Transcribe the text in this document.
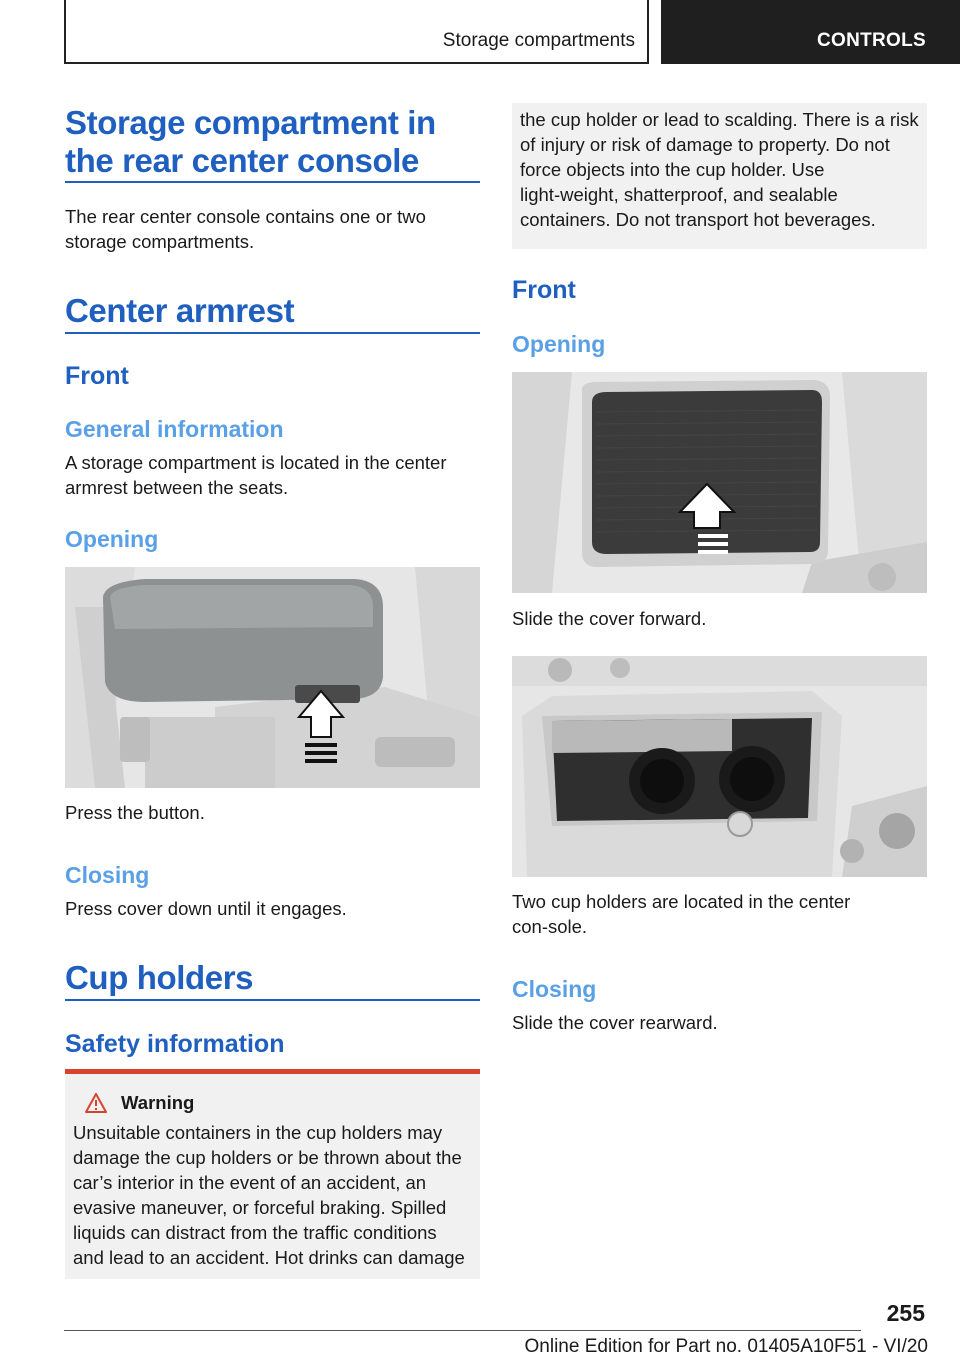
Storage compartments	CONTROLS
Storage compartment in the rear center console

The rear center console contains one or two storage compartments.

Center armrest
Front
General information

A storage compartment is located in the center armrest between the seats.

Opening

Press the button.

Closing

Press cover down until it engages.

Cup holders
Safety information
Warning
Unsuitable containers in the cup holders may damage the cup holders or be thrown about the car’s interior in the event of an accident, an evasive maneuver, or forceful braking. Spilled liquids can distract from the traffic conditions and lead to an accident. Hot drinks can damage
the cup holder or lead to scalding. There is a risk of injury or risk of damage to property. Do not force objects into the cup holder. Use light‑weight, shatterproof, and sealable containers. Do not transport hot beverages.
Front
Opening

Slide the cover forward.

Two cup holders are located in the center con‑sole.

Closing

Slide the cover rearward.

255
Online Edition for Part no. 01405A10F51 - VI/20
